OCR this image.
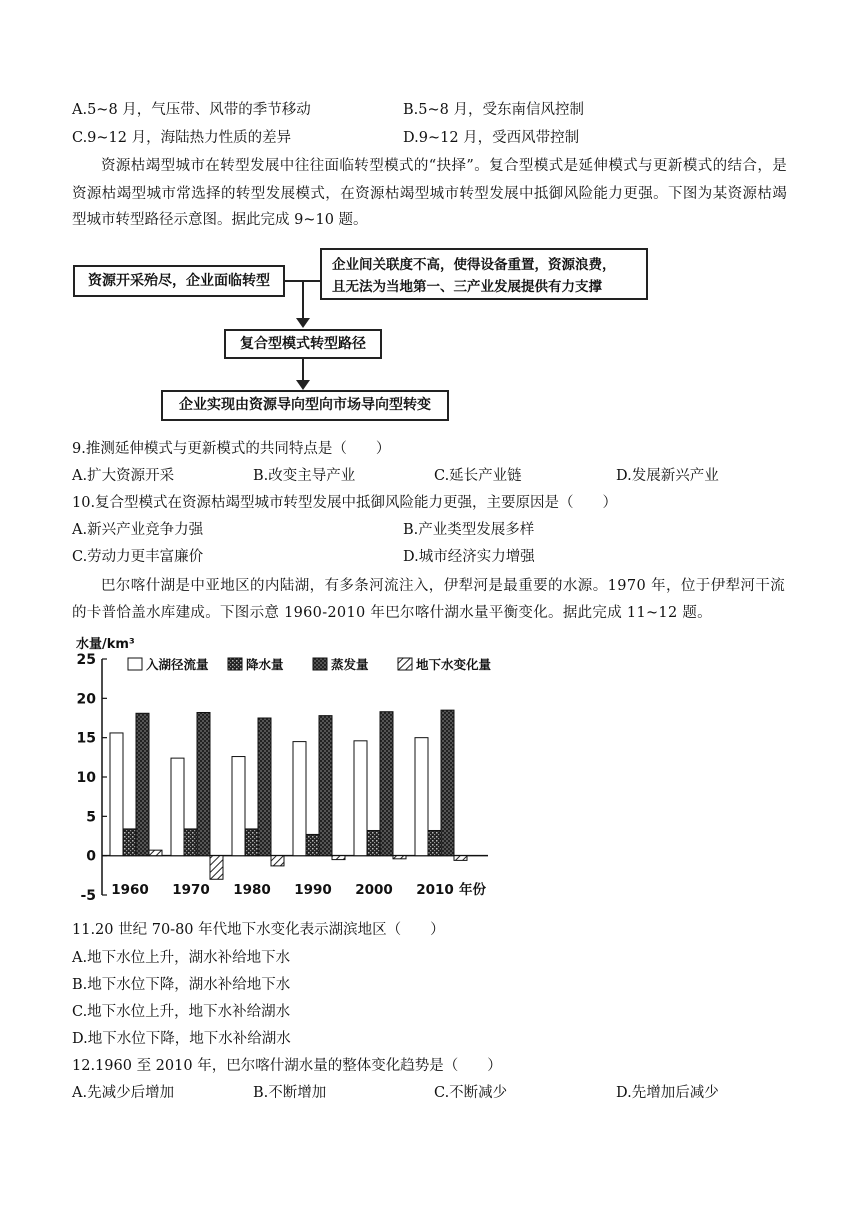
A.5~8 月，气压带、风带的季节移动	B.5~8 月，受东南信风控制
C.9~12 月，海陆热力性质的差异	D.9~12 月，受西风带控制
资源枯竭型城市在转型发展中往往面临转型模式的“抉择”。复合型模式是延伸模式与更新模式的结合，是
资源枯竭型城市常选择的转型发展模式，在资源枯竭型城市转型发展中抵御风险能力更强。下图为某资源枯竭
型城市转型路径示意图。据此完成 9~10 题。
资源开采殆尽，企业面临转型
企业间关联度不高，使得设备重置，资源浪费，
且无法为当地第一、三产业发展提供有力支撑
复合型模式转型路径
企业实现由资源导向型向市场导向型转变
9.推测延伸模式与更新模式的共同特点是（　　）
A.扩大资源开采	B.改变主导产业	C.延长产业链	D.发展新兴产业
10.复合型模式在资源枯竭型城市转型发展中抵御风险能力更强，主要原因是（　　）
A.新兴产业竞争力强	B.产业类型发展多样
C.劳动力更丰富廉价	D.城市经济实力增强
巴尔喀什湖是中亚地区的内陆湖，有多条河流注入，伊犁河是最重要的水源。1970 年，位于伊犁河干流
的卡普恰盖水库建成。下图示意 1960-2010 年巴尔喀什湖水量平衡变化。据此完成 11~12 题。
水量/km³
25
20
15
10
5
0
-5 1960 1970 1980 1990 2000 2010 年份
入湖径流量	降水量	蒸发量	地下水变化量
11.20 世纪 70-80 年代地下水变化表示湖滨地区（　　）
A.地下水位上升，湖水补给地下水
B.地下水位下降，湖水补给地下水
C.地下水位上升，地下水补给湖水
D.地下水位下降，地下水补给湖水
12.1960 至 2010 年，巴尔喀什湖水量的整体变化趋势是（　　）
A.先减少后增加	B.不断增加	C.不断减少	D.先增加后减少
